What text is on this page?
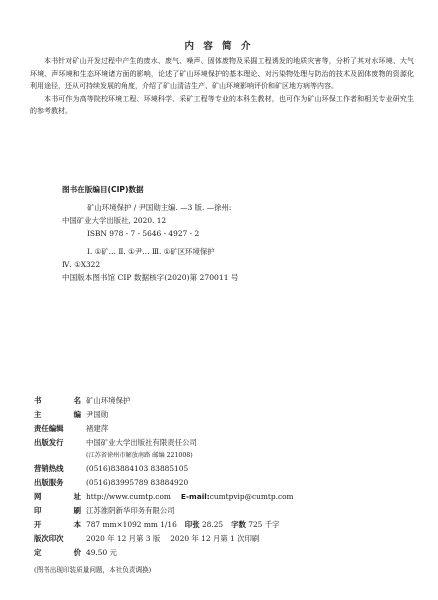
内 容 简 介

本书针对矿山开发过程中产生的废水、废气、噪声、固体废物及采掘工程诱发的地质灾害等，分析了其对水环境、大气环境、声环境和生态环境诸方面的影响，论述了矿山环境保护的基本理论、对污染物处理与防治的技术及固体废物的资源化利用途径，还从可持续发展的角度，介绍了矿山清洁生产、矿山环境影响评价和矿区地方病等内容。

本书可作为高等院校环境工程、环境科学、采矿工程等专业的本科生教材，也可作为矿山环保工作者和相关专业研究生的参考教材。

图书在版编目(CIP)数据
矿山环境保护 / 尹国勋主编. —3 版. —徐州:
中国矿业大学出版社, 2020. 12
ISBN 978 - 7 - 5646 - 4927 - 2
Ⅰ. ①矿… Ⅱ. ①尹… Ⅲ. ①矿区环境保护
Ⅳ. ①X322
中国版本图书馆 CIP 数据核字(2020)第 270011 号
书	名 矿山环境保护
主	编 尹国勋
责任编辑	褚建萍
出版发行	中国矿业大学出版社有限责任公司
(江苏省徐州市解放南路 邮编 221008)
营销热线	(0516)83884103 83885105
出版服务	(0516)83995789 83884920
网	址 http://www.cumtp.com E-mail:cumtpvip@cumtp.com
印	刷 江苏淮阴新华印务有限公司
开	本 787 mm×1092 mm 1/16 印张 28.25 字数 725 千字
版次印次	2020 年 12 月第 3 版 2020 年 12 月第 1 次印刷
定	价 49.50 元
(图书出现印装质量问题，本社负责调换)
